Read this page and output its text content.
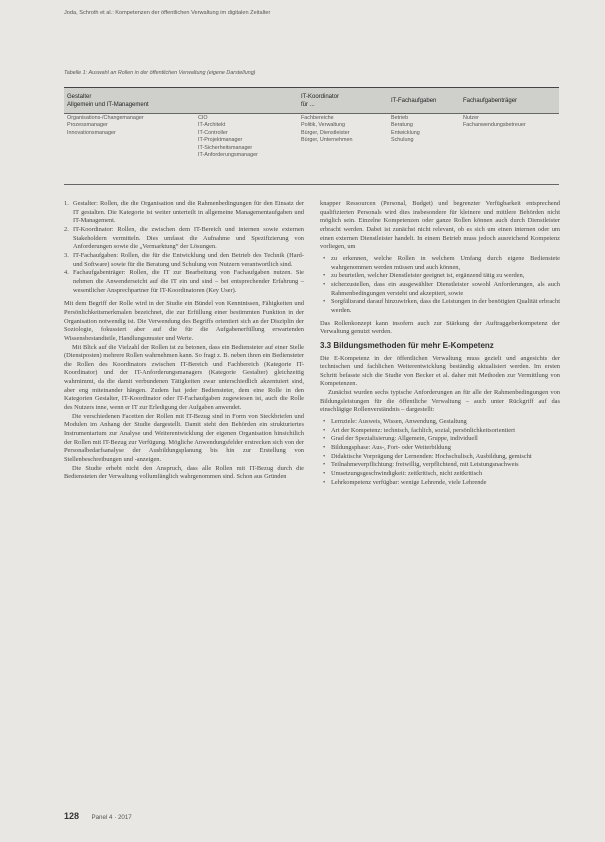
Joda, Schroth et al.: Kompetenzen der öffentlichen Verwaltung im digitalen Zeitalter
Tabelle 1: Auswahl an Rollen in der öffentlichen Verwaltung (eigene Darstellung)
Gestalter
Allgemein und IT-Management
IT-Koordinator
für ...
IT-Fachaufgaben	Fachaufgabenträger
Organisations-/Changemanager
Prozessmanager
Innovationsmanager
CIO
IT-Architekt
IT-Controller
IT-Projektmanager
IT-Sicherheitsmanager
IT-Anforderungsmanager
Fachbereiche
Politik, Verwaltung
Bürger, Dienstleister
Bürger, Unternehmen
Betrieb
Beratung
Entwicklung
Schulung
Nutzer
Fachanwendungsbetreuer
1. Gestalter: Rollen, die die Organisation und die Rahmenbedingungen für den Einsatz der IT gestalten. Die Kategorie ist weiter unterteilt in allgemeine Managementaufgaben und IT-Management.
2. IT-Koordinator: Rollen, die zwischen dem IT-Bereich und internen sowie externen Stakeholdern vermitteln. Dies umfasst die Aufnahme und Spezifizierung von Anforderungen sowie die „Vermarktung“ der Lösungen.
3. IT-Fachaufgaben: Rollen, die für die Entwicklung und den Betrieb des Technik (Hard- und Software) sowie für die Beratung und Schulung von Nutzern verantwortlich sind.
4. Fachaufgabenträger: Rollen, die IT zur Bearbeitung von Fachaufgaben nutzen. Sie nehmen die Anwenderseicht auf die IT ein und sind – bei entsprechender Erfahrung – wesentlicher Ansprechpartner für IT-Koordinatoren (Key User).

Mit dem Begriff der Rolle wird in der Studie ein Bündel von Kenntnissen, Fähigkeiten und Persönlichkeitsmerkmalen bezeichnet, die zur Erfüllung einer bestimmten Funktion in der Organisation notwendig ist. Die Verwendung des Begriffs orientiert sich an der Disziplin der Soziologie, fokussiert aber auf die für die Aufgabenerfüllung erwartenden Wissensbestandteile, Handlungsmuster und Werte.

Mit Blick auf die Vielzahl der Rollen ist zu betonen, dass ein Bediensteter auf einer Stelle (Dienstposten) mehrere Rollen wahrnehmen kann. So fragt z. B. neben ihren ein Bediensteter die Rollen des Koordinators zwischen IT-Bereich und Fachbereich (Kategorie IT-Koordinator) und der IT-Anforderungsmanagers (Kategorie Gestalter) gleichzeitig wahrnimmt, da die damit verbundenen Tätigkeiten zwar unterschiedlich akzentuiert sind, aber eng miteinander hängen. Zudem hat jeder Bediensteter, dem eine Rolle in den Kategorien Gestalter, IT-Koordinator oder IT-Fachaufgaben zugewiesen ist, auch die Rolle des Nutzers inne, wenn er IT zur Erledigung der Aufgaben anwendet.

Die verschiedenen Facetten der Rollen mit IT-Bezug sind in Form von Steckbriefen und Modulen im Anhang der Studie dargestellt. Damit steht den Behörden ein strukturiertes Instrumentarium zur Analyse und Weiterentwicklung der eigenen Organisation hinsichtlich der Rollen mit IT-Bezug zur Verfügung. Mögliche Anwendungsfelder erstrecken sich von der Personalbedarfsanalyse der Ausbildungsplanung bis hin zur Erstellung von Stellenbeschreibungen und -anzeigen.

Die Studie erhebt nicht den Anspruch, dass alle Rollen mit IT-Bezug durch die Bediensteten der Verwaltung vollumfänglich wahrgenommen sind. Schon aus Gründen

knapper Ressourcen (Personal, Budget) und begrenzter Verfügbarkeit entsprechend qualifizierten Personals wird dies insbesondere für kleinere und mittlere Behörden nicht möglich sein. Einzelne Kompetenzen oder ganze Rollen können auch durch Dienstleister erbracht werden. Dabei ist zunächst nicht relevant, ob es sich um einen internen oder um einen externen Dienstleister handelt. In einem Betrieb muss jedoch ausreichend Kompetenz vorliegen, um

• zu erkennen, welche Rollen in welchem Umfang durch eigene Bedienstete wahrgenommen werden müssen und auch können,
• zu beurteilen, welcher Dienstleister geeignet ist, ergänzend tätig zu werden,
• sicherzustellen, dass ein ausgewählter Dienstleister sowohl Anforderungen, als auch Rahmenbedingungen versteht und akzeptiert, sowie
• Sorgfältsrand darauf hinzuwirken, dass die Leistungen in der benötigten Qualität erbracht werden.

Das Rollenkonzept kann insofern auch zur Stärkung der Auftraggeberkompetenz der Verwaltung genutzt werden.

3.3 Bildungsmethoden für mehr E-Kompetenz

Die E-Kompetenz in der öffentlichen Verwaltung muss gezielt und angesichts der technischen und fachlichen Weiterentwicklung beständig aktualisiert werden. Im ersten Schritt befasste sich die Studie von Becker et al. daher mit Methoden zur Vermittlung von Kompetenzen.

Zunächst wurden sechs typische Anforderungen an für alle der Rahmenbedingungen von Bildungsleistungen für die öffentliche Verwaltung – auch unter Rückgriff auf das einschlägige Rollenverständnis – dargestellt:

• Lernziele: Ausweis, Wissen, Anwendung, Gestaltung
• Art der Kompetenz: technisch, fachlich, sozial, persönlichkeitsorientiert
• Grad der Spezialisierung: Allgemein, Gruppe, individuell
• Bildungsphase: Aus-, Fort- oder Weiterbildung
• Didaktische Vorprägung der Lernenden: Hochschulisch, Ausbildung, gemischt
• Teilnahmeverpflichtung: freiwillig, verpflichtend, mit Leistungsnachweis
• Umsetzungsgeschwindigkeit: zeitkritisch, nicht zeitkritisch
• Lehrkompetenz verfügbar: wenige Lehrende, viele Lehrende
128 Panel 4 · 2017
